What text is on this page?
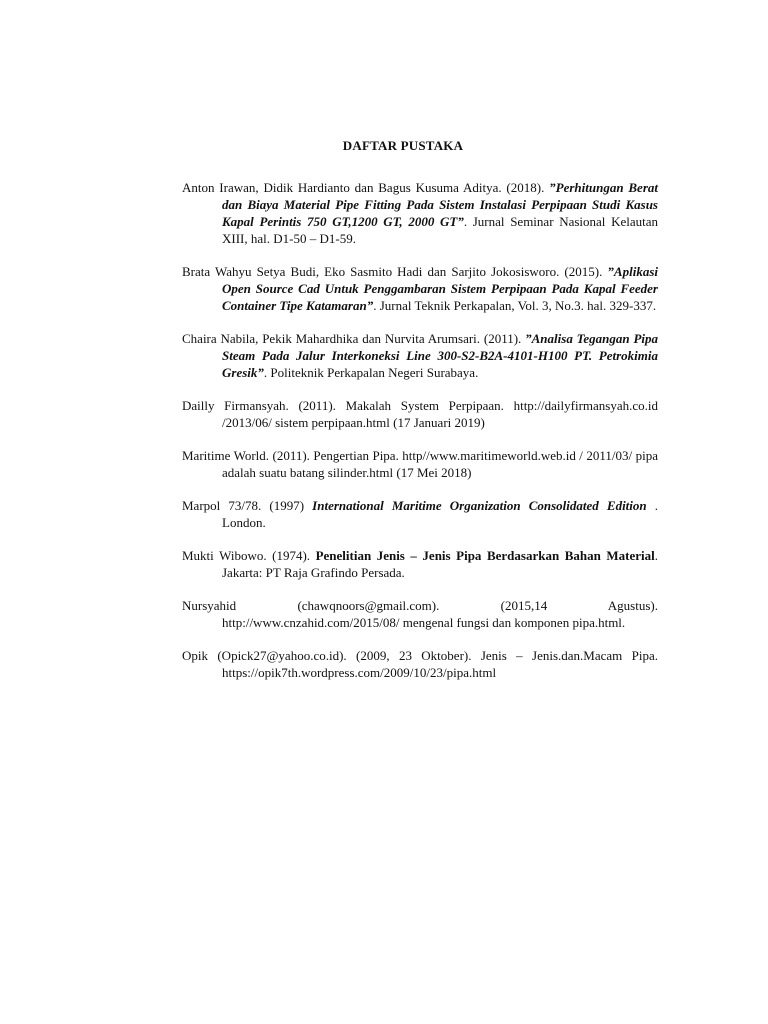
DAFTAR PUSTAKA
Anton Irawan, Didik Hardianto dan Bagus Kusuma Aditya. (2018). ”Perhitungan Berat dan Biaya Material Pipe Fitting Pada Sistem Instalasi Perpipaan Studi Kasus Kapal Perintis 750 GT,1200 GT, 2000 GT”. Jurnal Seminar Nasional Kelautan XIII, hal. D1-50 – D1-59.
Brata Wahyu Setya Budi, Eko Sasmito Hadi dan Sarjito Jokosisworo. (2015). ”Aplikasi Open Source Cad Untuk Penggambaran Sistem Perpipaan Pada Kapal Feeder Container Tipe Katamaran”. Jurnal Teknik Perkapalan, Vol. 3, No.3. hal. 329-337.
Chaira Nabila, Pekik Mahardhika dan Nurvita Arumsari. (2011). ”Analisa Tegangan Pipa Steam Pada Jalur Interkoneksi Line 300-S2-B2A-4101-H100 PT. Petrokimia Gresik”. Politeknik Perkapalan Negeri Surabaya.
Dailly Firmansyah. (2011). Makalah System Perpipaan. http://dailyfirmansyah.co.id /2013/06/ sistem perpipaan.html (17 Januari 2019)
Maritime World. (2011). Pengertian Pipa. http//www.maritimeworld.web.id / 2011/03/ pipa adalah suatu batang silinder.html (17 Mei 2018)
Marpol 73/78. (1997) International Maritime Organization Consolidated Edition . London.
Mukti Wibowo. (1974). Penelitian Jenis – Jenis Pipa Berdasarkan Bahan Material. Jakarta: PT Raja Grafindo Persada.
Nursyahid (chawqnoors@gmail.com). (2015,14 Agustus). http://www.cnzahid.com/2015/08/ mengenal fungsi dan komponen pipa.html.
Opik (Opick27@yahoo.co.id). (2009, 23 Oktober). Jenis – Jenis.dan.Macam Pipa. https://opik7th.wordpress.com/2009/10/23/pipa.html
